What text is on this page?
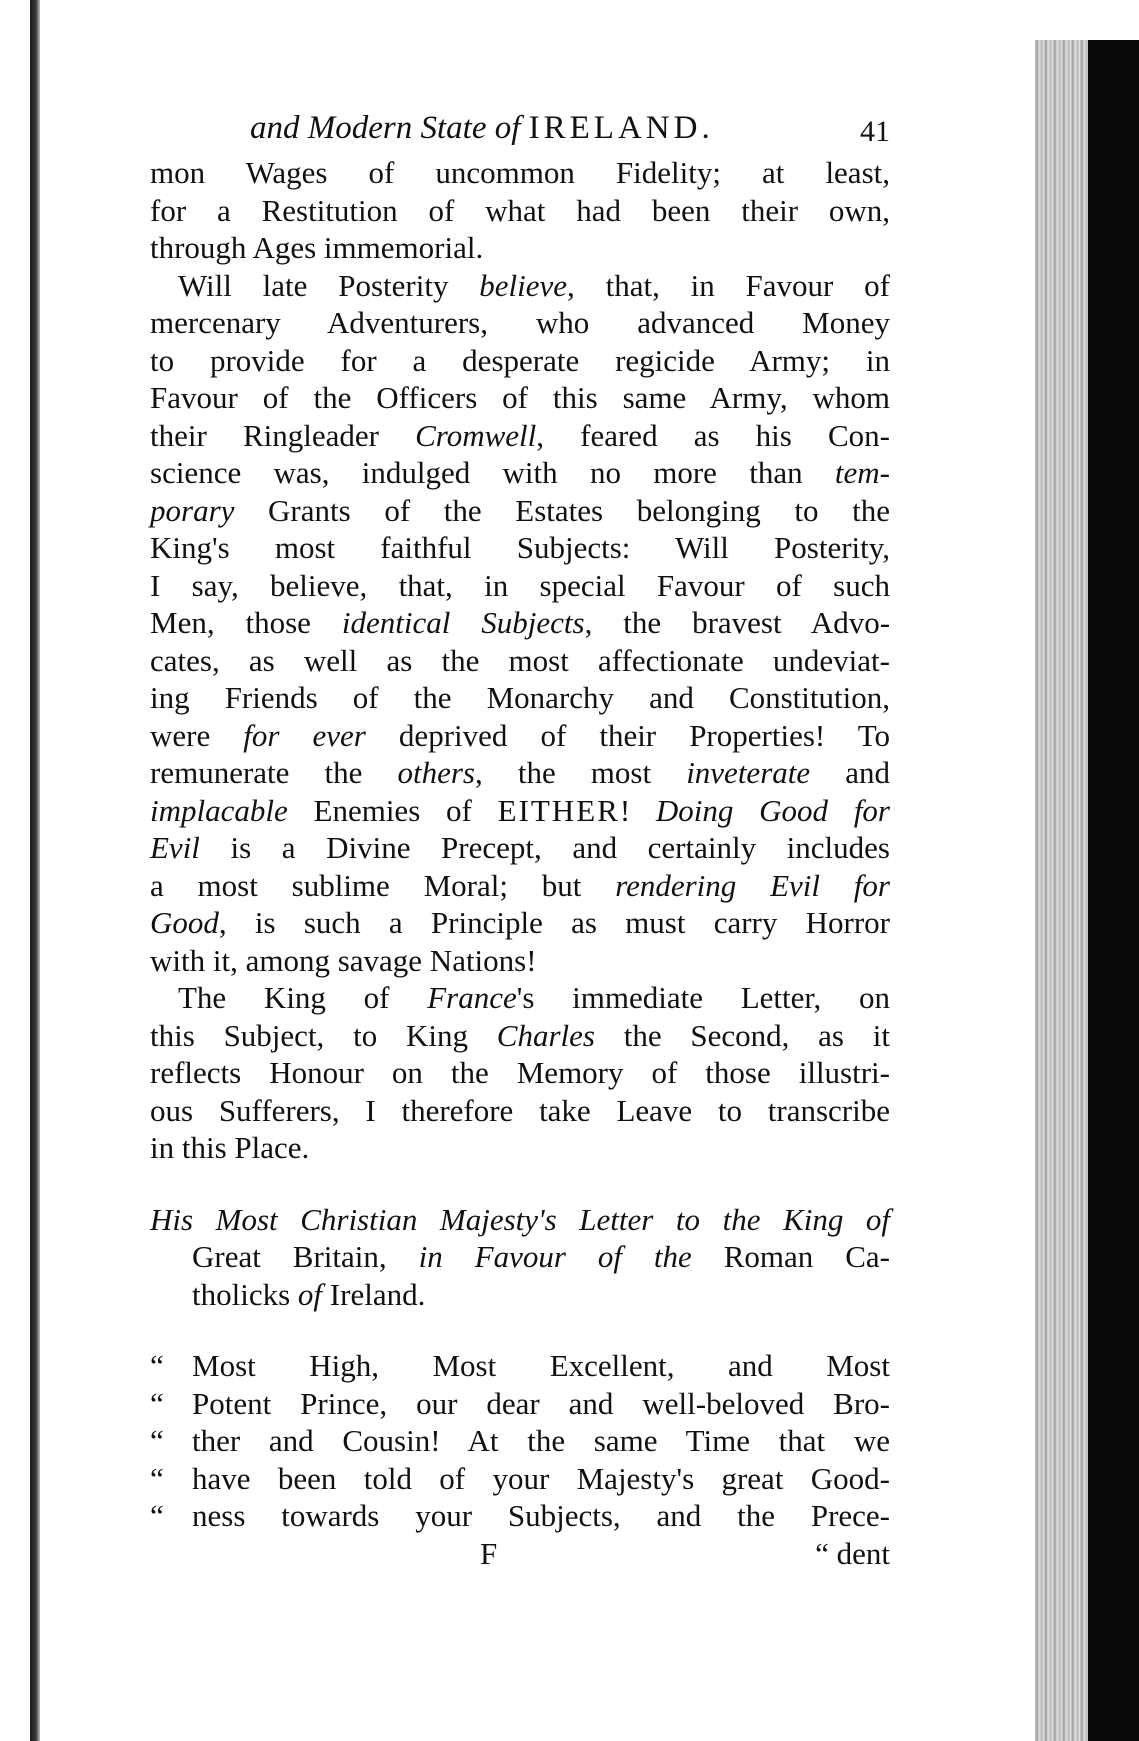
and Modern State of IRELAND.	41
mon Wages of uncommon Fidelity; at least,
for a Restitution of what had been their own,
through Ages immemorial.
Will late Posterity believe, that, in Favour of
mercenary Adventurers, who advanced Money
to provide for a desperate regicide Army; in
Favour of the Officers of this same Army, whom
their Ringleader Cromwell, feared as his Con-
science was, indulged with no more than tem-
porary Grants of the Estates belonging to the
King's most faithful Subjects: Will Posterity,
I say, believe, that, in special Favour of such
Men, those identical Subjects, the bravest Advo-
cates, as well as the most affectionate undeviat-
ing Friends of the Monarchy and Constitution,
were for ever deprived of their Properties! To
remunerate the others, the most inveterate and
implacable Enemies of EITHER! Doing Good for
Evil is a Divine Precept, and certainly includes
a most sublime Moral; but rendering Evil for
Good, is such a Principle as must carry Horror
with it, among savage Nations!
The King of France's immediate Letter, on
this Subject, to King Charles the Second, as it
reflects Honour on the Memory of those illustri-
ous Sufferers, I therefore take Leave to transcribe
in this Place.
His Most Christian Majesty's Letter to the King of
Great Britain, in Favour of the Roman Ca-
tholicks of Ireland.
“ Most High, Most Excellent, and Most
“ Potent Prince, our dear and well-beloved Bro-
“ ther and Cousin! At the same Time that we
“ have been told of your Majesty's great Good-
“ ness towards your Subjects, and the Prece-
F	“ dent
